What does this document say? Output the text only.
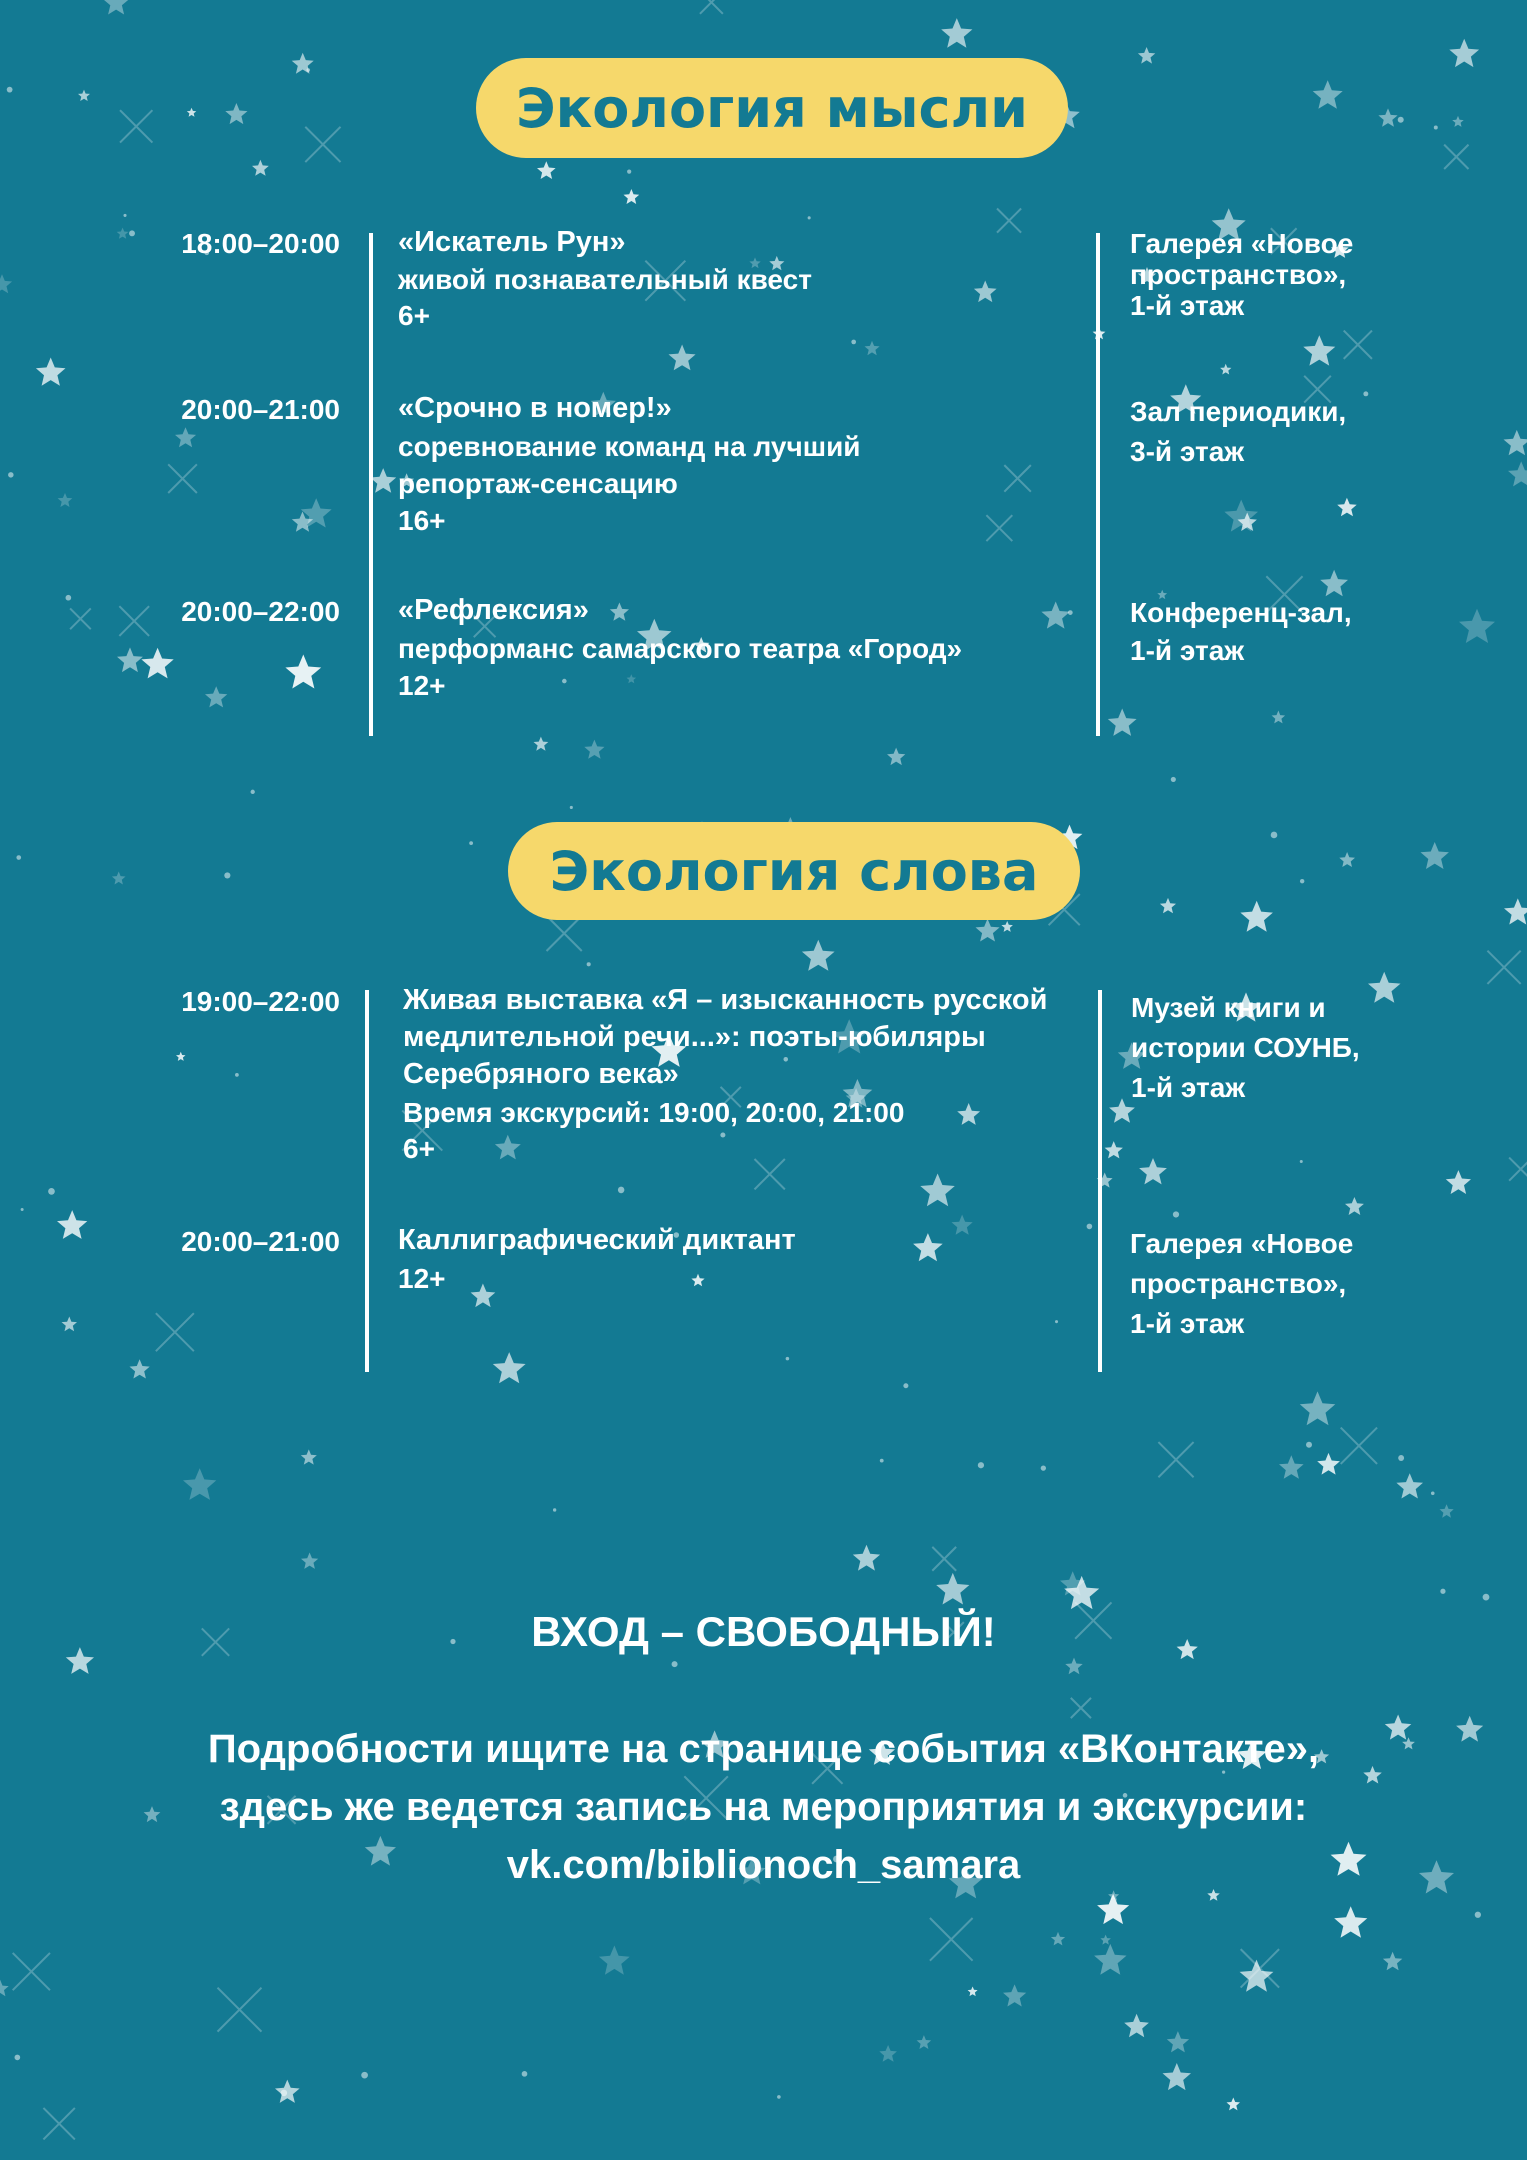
Экология мысли
18:00–20:00 «Искатель Рун»
живой познавательный квест
6+
Галерея «Новое
пространство»,
1-й этаж
20:00–21:00 «Срочно в номер!»
соревнование команд на лучший
репортаж-сенсацию
16+
Зал периодики,
3-й этаж
20:00–22:00 «Рефлексия»
перформанс самарского театра «Город»
12+
Конференц-зал,
1-й этаж
Экология слова
19:00–22:00 Живая выставка «Я – изысканность русской
медлительной речи...»: поэты-юбиляры
Серебряного века»
Время экскурсий: 19:00, 20:00, 21:00
6+
Музей книги и
истории СОУНБ,
1-й этаж
20:00–21:00 Каллиграфический диктант
12+
Галерея «Новое
пространство»,
1-й этаж
ВХОД – СВОБОДНЫЙ!
Подробности ищите на странице события «ВКонтакте»,
здесь же ведется запись на мероприятия и экскурсии:
vk.com/biblionoch_samara
